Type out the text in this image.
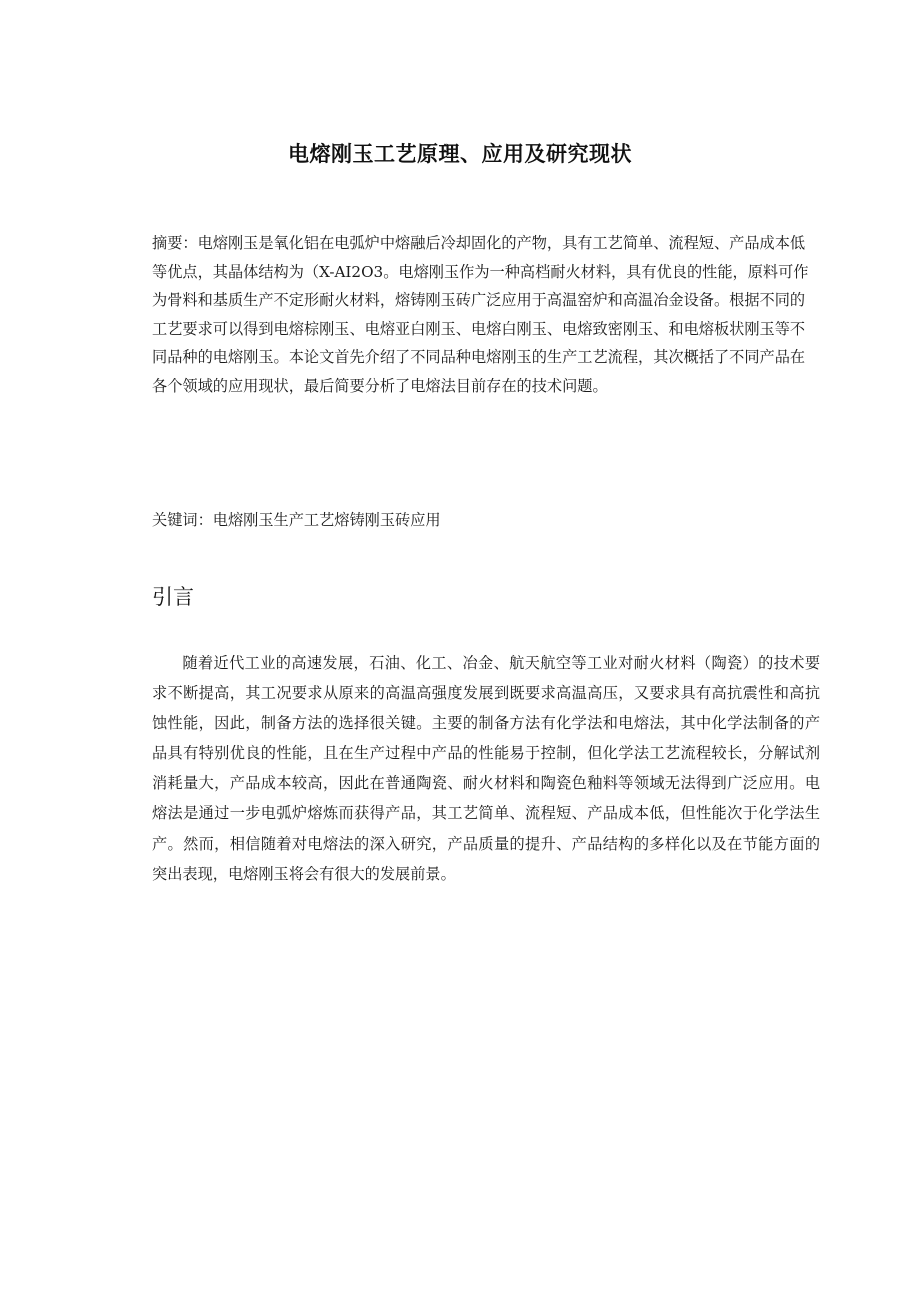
电熔刚玉工艺原理、应用及研究现状

摘要：电熔刚玉是氧化铝在电弧炉中熔融后冷却固化的产物，具有工艺简单、流程短、产品成本低等优点，其晶体结构为（X-AI2O3。电熔刚玉作为一种高档耐火材料，具有优良的性能，原料可作为骨料和基质生产不定形耐火材料，熔铸刚玉砖广泛应用于高温窑炉和高温冶金设备。根据不同的工艺要求可以得到电熔棕刚玉、电熔亚白刚玉、电熔白刚玉、电熔致密刚玉、和电熔板状刚玉等不同品种的电熔刚玉。本论文首先介绍了不同品种电熔刚玉的生产工艺流程，其次概括了不同产品在各个领域的应用现状，最后简要分析了电熔法目前存在的技术问题。

关键词：电熔刚玉生产工艺熔铸刚玉砖应用

引言

随着近代工业的高速发展，石油、化工、冶金、航天航空等工业对耐火材料（陶瓷）的技术要求不断提高，其工况要求从原来的高温高强度发展到既要求高温高压，又要求具有高抗震性和高抗蚀性能，因此，制备方法的选择很关键。主要的制备方法有化学法和电熔法，其中化学法制备的产品具有特别优良的性能，且在生产过程中产品的性能易于控制，但化学法工艺流程较长，分解试剂消耗量大，产品成本较高，因此在普通陶瓷、耐火材料和陶瓷色釉料等领域无法得到广泛应用。电熔法是通过一步电弧炉熔炼而获得产品，其工艺简单、流程短、产品成本低，但性能次于化学法生产。然而，相信随着对电熔法的深入研究，产品质量的提升、产品结构的多样化以及在节能方面的突出表现，电熔刚玉将会有很大的发展前景。
